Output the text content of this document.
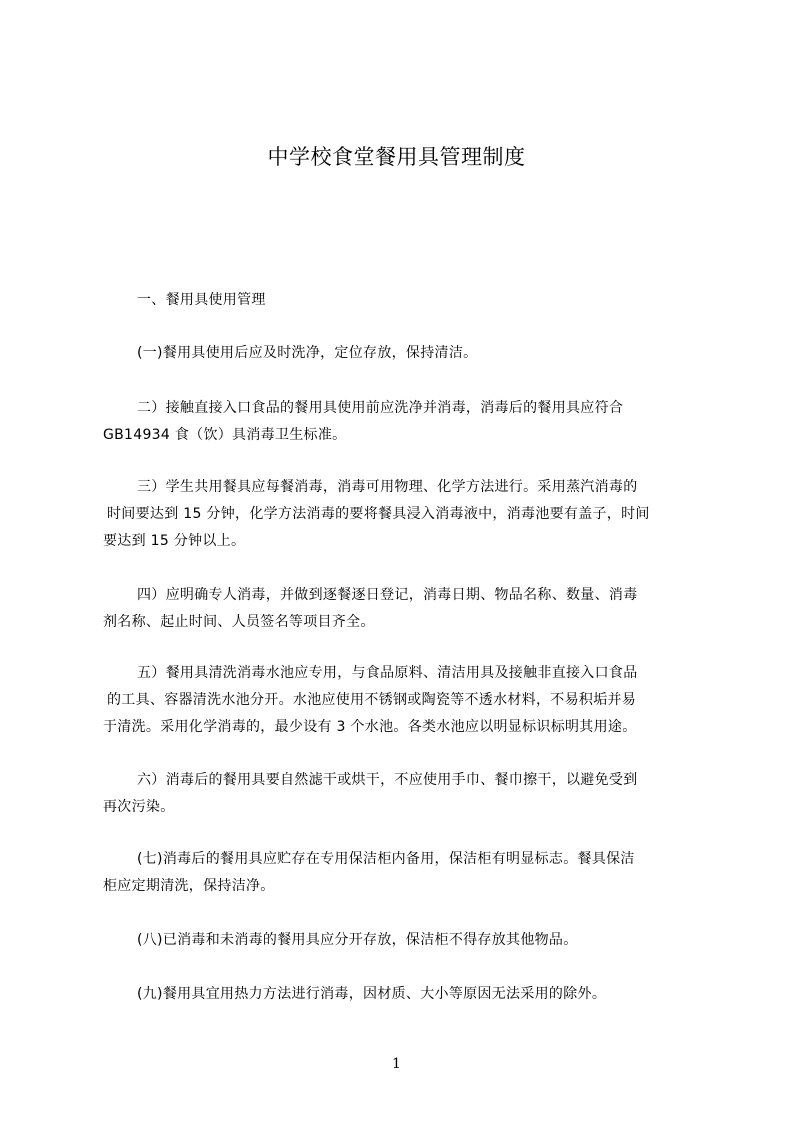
中学校食堂餐用具管理制度
一、餐用具使用管理
(一)餐用具使用后应及时洗净，定位存放，保持清洁。
二）接触直接入口食品的餐用具使用前应洗净并消毒，消毒后的餐用具应符合
GB14934 食（饮）具消毒卫生标准。
三）学生共用餐具应每餐消毒，消毒可用物理、化学方法进行。采用蒸汽消毒的
时间要达到 15 分钟，化学方法消毒的要将餐具浸入消毒液中，消毒池要有盖子，时间
要达到 15 分钟以上。
四）应明确专人消毒，并做到逐餐逐日登记，消毒日期、物品名称、数量、消毒
剂名称、起止时间、人员签名等项目齐全。
五）餐用具清洗消毒水池应专用，与食品原料、清洁用具及接触非直接入口食品
的工具、容器清洗水池分开。水池应使用不锈钢或陶瓷等不透水材料，不易积垢并易
于清洗。采用化学消毒的，最少设有 3 个水池。各类水池应以明显标识标明其用途。
六）消毒后的餐用具要自然滤干或烘干，不应使用手巾、餐巾擦干，以避免受到
再次污染。
(七)消毒后的餐用具应贮存在专用保洁柜内备用，保洁柜有明显标志。餐具保洁
柜应定期清洗，保持洁净。
(八)已消毒和未消毒的餐用具应分开存放，保洁柜不得存放其他物品。
(九)餐用具宜用热力方法进行消毒，因材质、大小等原因无法采用的除外。
1
